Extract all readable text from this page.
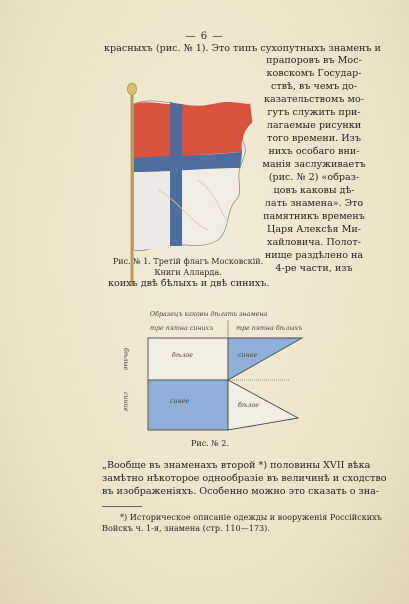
— 6 —
красныхъ (рис. № 1). Это типъ сухопутныхъ знаменъ и
Рис. № 1. Третій флагъ Московскій.
Книги Алларда.
прапоровъ въ Мос-
ковскомъ Государ-
ствѣ, въ чемъ до-
казательствомъ мо-
гутъ служить при-
лагаемые рисунки
того времени. Изъ
нихъ особаго вни-
манія заслуживаетъ
(рис. № 2) «образ-
цовъ каковы дѣ-
лать знамена». Это
памятникъ временъ
Царя Алексѣя Ми-
хайловича. Полот-
нище раздѣлено на
4-ре части, изъ
коихъ двѣ бѣлыхъ и двѣ синихъ.
Образецъ каковы дѣлать знамена
тре пятна синихъ	тре пятна бѣлыхъ
бѣлые
синие
бѣлое	синее
синее
бѣлое
Рис. № 2.
„Вообще въ знаменахъ второй *) половины XVII вѣка
замѣтно нѣкоторое однообразіе въ величинѣ и сходство
въ изображеніяхъ. Особенно можно это сказать о зна-
*) Историческое описаніе одежды и вооруженія Россійскихъ
Войскъ ч. 1-я, знамена (стр. 110—173).
